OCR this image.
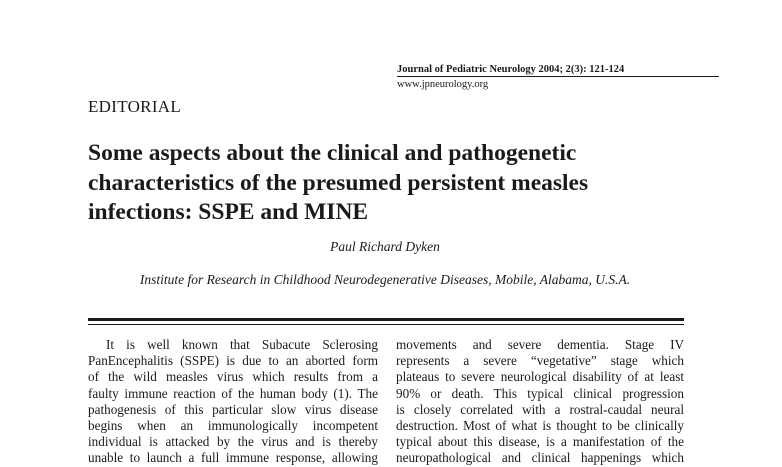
Journal of Pediatric Neurology 2004; 2(3): 121-124
www.jpneurology.org
EDITORIAL
Some aspects about the clinical and pathogenetic
characteristics of the presumed persistent measles
infections: SSPE and MINE
Paul Richard Dyken
Institute for Research in Childhood Neurodegenerative Diseases, Mobile, Alabama, U.S.A.
It is well known that Subacute Sclerosing
PanEncephalitis (SSPE) is due to an aborted form
of the wild measles virus which results from a
faulty immune reaction of the human body (1). The
pathogenesis of this particular slow virus disease
begins when an immunologically incompetent
individual is attacked by the virus and is thereby
unable to launch a full immune response, allowing
movements and severe dementia. Stage IV
represents a severe “vegetative” stage which
plateaus to severe neurological disability of at least
90% or death. This typical clinical progression
is closely correlated with a rostral-caudal neural
destruction. Most of what is thought to be clinically
typical about this disease, is a manifestation of the
neuropathological and clinical happenings which
